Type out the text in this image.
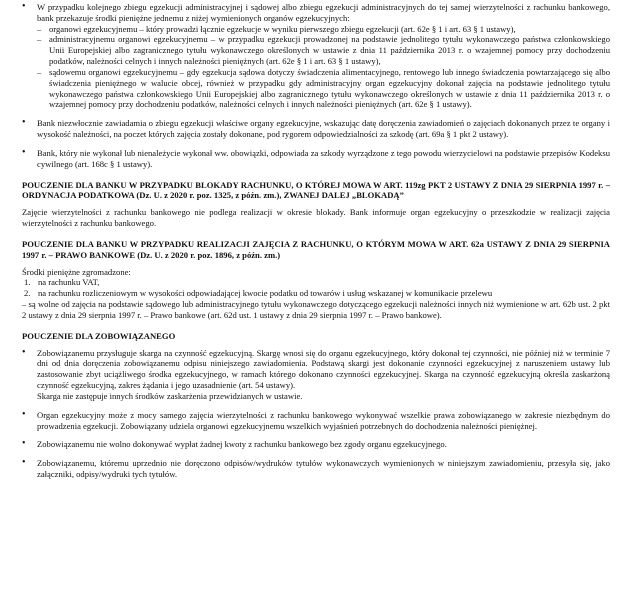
• W przypadku kolejnego zbiegu egzekucji administracyjnej i sądowej albo zbiegu egzekucji administracyjnych do tej samej wierzytelności z rachunku bankowego, bank przekazuje środki pieniężne jednemu z niżej wymienionych organów egzekucyjnych:
– organowi egzekucyjnemu – który prowadzi łącznie egzekucje w wyniku pierwszego zbiegu egzekucji (art. 62e § 1 i art. 63 § 1 ustawy),
– administracyjnemu organowi egzekucyjnemu – w przypadku egzekucji prowadzonej na podstawie jednolitego tytułu wykonawczego państwa członkowskiego Unii Europejskiej albo zagranicznego tytułu wykonawczego określonych w ustawie z dnia 11 października 2013 r. o wzajemnej pomocy przy dochodzeniu podatków, należności celnych i innych należności pieniężnych (art. 62e § 1 i art. 63 § 1 ustawy),
– sądowemu organowi egzekucyjnemu – gdy egzekucja sądowa dotyczy świadczenia alimentacyjnego, rentowego lub innego świadczenia powtarzającego się albo świadczenia pieniężnego w walucie obcej, również w przypadku gdy administracyjny organ egzekucyjny dokonał zajęcia na podstawie jednolitego tytułu wykonawczego państwa członkowskiego Unii Europejskiej albo zagranicznego tytułu wykonawczego określonych w ustawie z dnia 11 października 2013 r. o wzajemnej pomocy przy dochodzeniu podatków, należności celnych i innych należności pieniężnych (art. 62e § 1 ustawy).
• Bank niezwłocznie zawiadamia o zbiegu egzekucji właściwe organy egzekucyjne, wskazując datę doręczenia zawiadomień o zajęciach dokonanych przez te organy i wysokość należności, na poczet których zajęcia zostały dokonane, pod rygorem odpowiedzialności za szkodę (art. 69a § 1 pkt 2 ustawy).
• Bank, który nie wykonał lub nienależycie wykonał ww. obowiązki, odpowiada za szkody wyrządzone z tego powodu wierzycielowi na podstawie przepisów Kodeksu cywilnego (art. 168c § 1 ustawy).
POUCZENIE DLA BANKU W PRZYPADKU BLOKADY RACHUNKU, O KTÓREJ MOWA W ART. 119zg PKT 2 USTAWY Z DNIA 29 SIERPNIA 1997 r. – ORDYNACJA PODATKOWA (Dz. U. z 2020 r. poz. 1325, z późn. zm.), ZWANEJ DALEJ „BLOKADĄ”
Zajęcie wierzytelności z rachunku bankowego nie podlega realizacji w okresie blokady. Bank informuje organ egzekucyjny o przeszkodzie w realizacji zajęcia wierzytelności z rachunku bankowego.
POUCZENIE DLA BANKU W PRZYPADKU REALIZACJI ZAJĘCIA Z RACHUNKU, O KTÓRYM MOWA W ART. 62a USTAWY Z DNIA 29 SIERPNIA 1997 r. – PRAWO BANKOWE (Dz. U. z 2020 r. poz. 1896, z późn. zm.)
Środki pieniężne zgromadzone:
1. na rachunku VAT,
2. na rachunku rozliczeniowym w wysokości odpowiadającej kwocie podatku od towarów i usług wskazanej w komunikacie przelewu
– są wolne od zajęcia na podstawie sądowego lub administracyjnego tytułu wykonawczego dotyczącego egzekucji należności innych niż wymienione w art. 62b ust. 2 pkt 2 ustawy z dnia 29 sierpnia 1997 r. – Prawo bankowe (art. 62d ust. 1 ustawy z dnia 29 sierpnia 1997 r. – Prawo bankowe).
POUCZENIE DLA ZOBOWIĄZANEGO
• Zobowiązanemu przysługuje skarga na czynność egzekucyjną. Skargę wnosi się do organu egzekucyjnego, który dokonał tej czynności, nie później niż w terminie 7 dni od dnia doręczenia zobowiązanemu odpisu niniejszego zawiadomienia. Podstawą skargi jest dokonanie czynności egzekucyjnej z naruszeniem ustawy lub zastosowanie zbyt uciążliwego środka egzekucyjnego, w ramach którego dokonano czynności egzekucyjnej. Skarga na czynność egzekucyjną określa zaskarżoną czynność egzekucyjną, zakres żądania i jego uzasadnienie (art. 54 ustawy).
Skarga nie zastępuje innych środków zaskarżenia przewidzianych w ustawie.
• Organ egzekucyjny może z mocy samego zajęcia wierzytelności z rachunku bankowego wykonywać wszelkie prawa zobowiązanego w zakresie niezbędnym do prowadzenia egzekucji. Zobowiązany udziela organowi egzekucyjnemu wszelkich wyjaśnień potrzebnych do dochodzenia należności pieniężnej.
• Zobowiązanemu nie wolno dokonywać wypłat żadnej kwoty z rachunku bankowego bez zgody organu egzekucyjnego.
• Zobowiązanemu, któremu uprzednio nie doręczono odpisów/wydruków tytułów wykonawczych wymienionych w niniejszym zawiadomieniu, przesyła się, jako załączniki, odpisy/wydruki tych tytułów.
